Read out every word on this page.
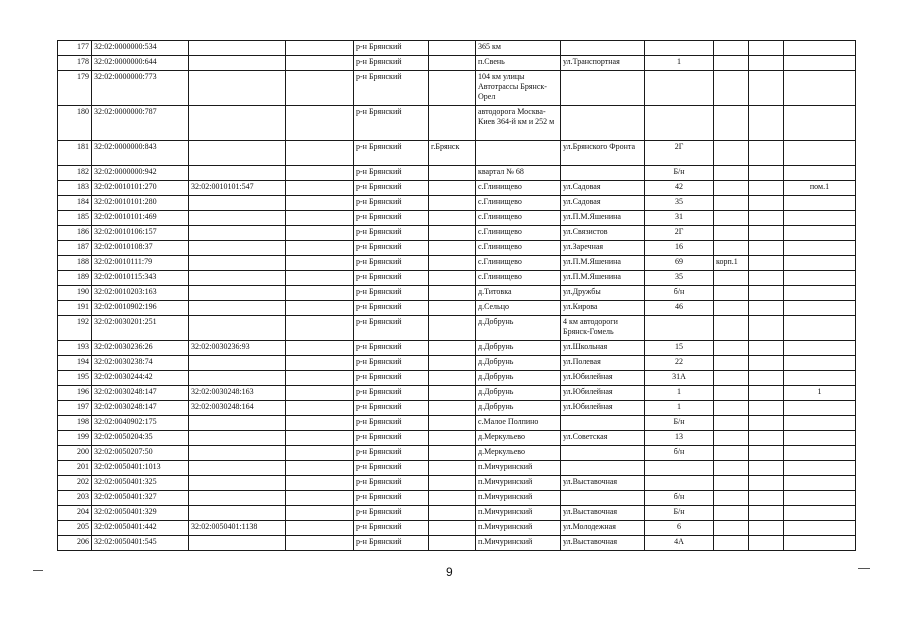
177	32:02:0000000:534			р-н Брянский		365 км					
178	32:02:0000000:644			р-н Брянский		п.Свень	ул.Транспортная	1			
179	32:02:0000000:773			р-н Брянский		104 км улицы Автотрассы Брянск-Орел					
180	32:02:0000000:787			р-н Брянский		автодорога Москва-Киев 364-й км и 252 м					
181	32:02:0000000:843			р-н Брянский	г.Брянск		ул.Брянского Фронта	2Г			
182	32:02:0000000:942			р-н Брянский		квартал № 68		Б/н			
183	32:02:0010101:270	32:02:0010101:547		р-н Брянский		с.Глинищево	ул.Садовая	42			пом.1
184	32:02:0010101:280			р-н Брянский		с.Глинищево	ул.Садовая	35			
185	32:02:0010101:469			р-н Брянский		с.Глинищево	ул.П.М.Яшенина	31			
186	32:02:0010106:157			р-н Брянский		с.Глинищево	ул.Связистов	2Г			
187	32:02:0010108:37			р-н Брянский		с.Глинищево	ул.Заречная	16			
188	32:02:0010111:79			р-н Брянский		с.Глинищево	ул.П.М.Яшенина	69	корп.1		
189	32:02:0010115:343			р-н Брянский		с.Глинищево	ул.П.М.Яшенина	35			
190	32:02:0010203:163			р-н Брянский		д.Титовка	ул.Дружбы	б/н			
191	32:02:0010902:196			р-н Брянский		д.Сельцо	ул.Кирова	46			
192	32:02:0030201:251			р-н Брянский		д.Добрунь	4 км автодороги Брянск-Гомель				
193	32:02:0030236:26	32:02:0030236:93		р-н Брянский		д.Добрунь	ул.Школьная	15			
194	32:02:0030238:74			р-н Брянский		д.Добрунь	ул.Полевая	22			
195	32:02:0030244:42			р-н Брянский		д.Добрунь	ул.Юбилейная	31А			
196	32:02:0030248:147	32:02:0030248:163		р-н Брянский		д.Добрунь	ул.Юбилейная	1			1
197	32:02:0030248:147	32:02:0030248:164		р-н Брянский		д.Добрунь	ул.Юбилейная	1			
198	32:02:0040902:175			р-н Брянский		с.Малое Полпино		Б/н			
199	32:02:0050204:35			р-н Брянский		д.Меркульево	ул.Советская	13			
200	32:02:0050207:50			р-н Брянский		д.Меркульево		б/н			
201	32:02:0050401:1013			р-н Брянский		п.Мичуринский					
202	32:02:0050401:325			р-н Брянский		п.Мичуринский	ул.Выставочная				
203	32:02:0050401:327			р-н Брянский		п.Мичуринский		б/н			
204	32:02:0050401:329			р-н Брянский		п.Мичуринский	ул.Выставочная	Б/н			
205	32:02:0050401:442	32:02:0050401:1138		р-н Брянский		п.Мичуринский	ул.Молодежная	6			
206	32:02:0050401:545			р-н Брянский		п.Мичуринский	ул.Выставочная	4А			
9
